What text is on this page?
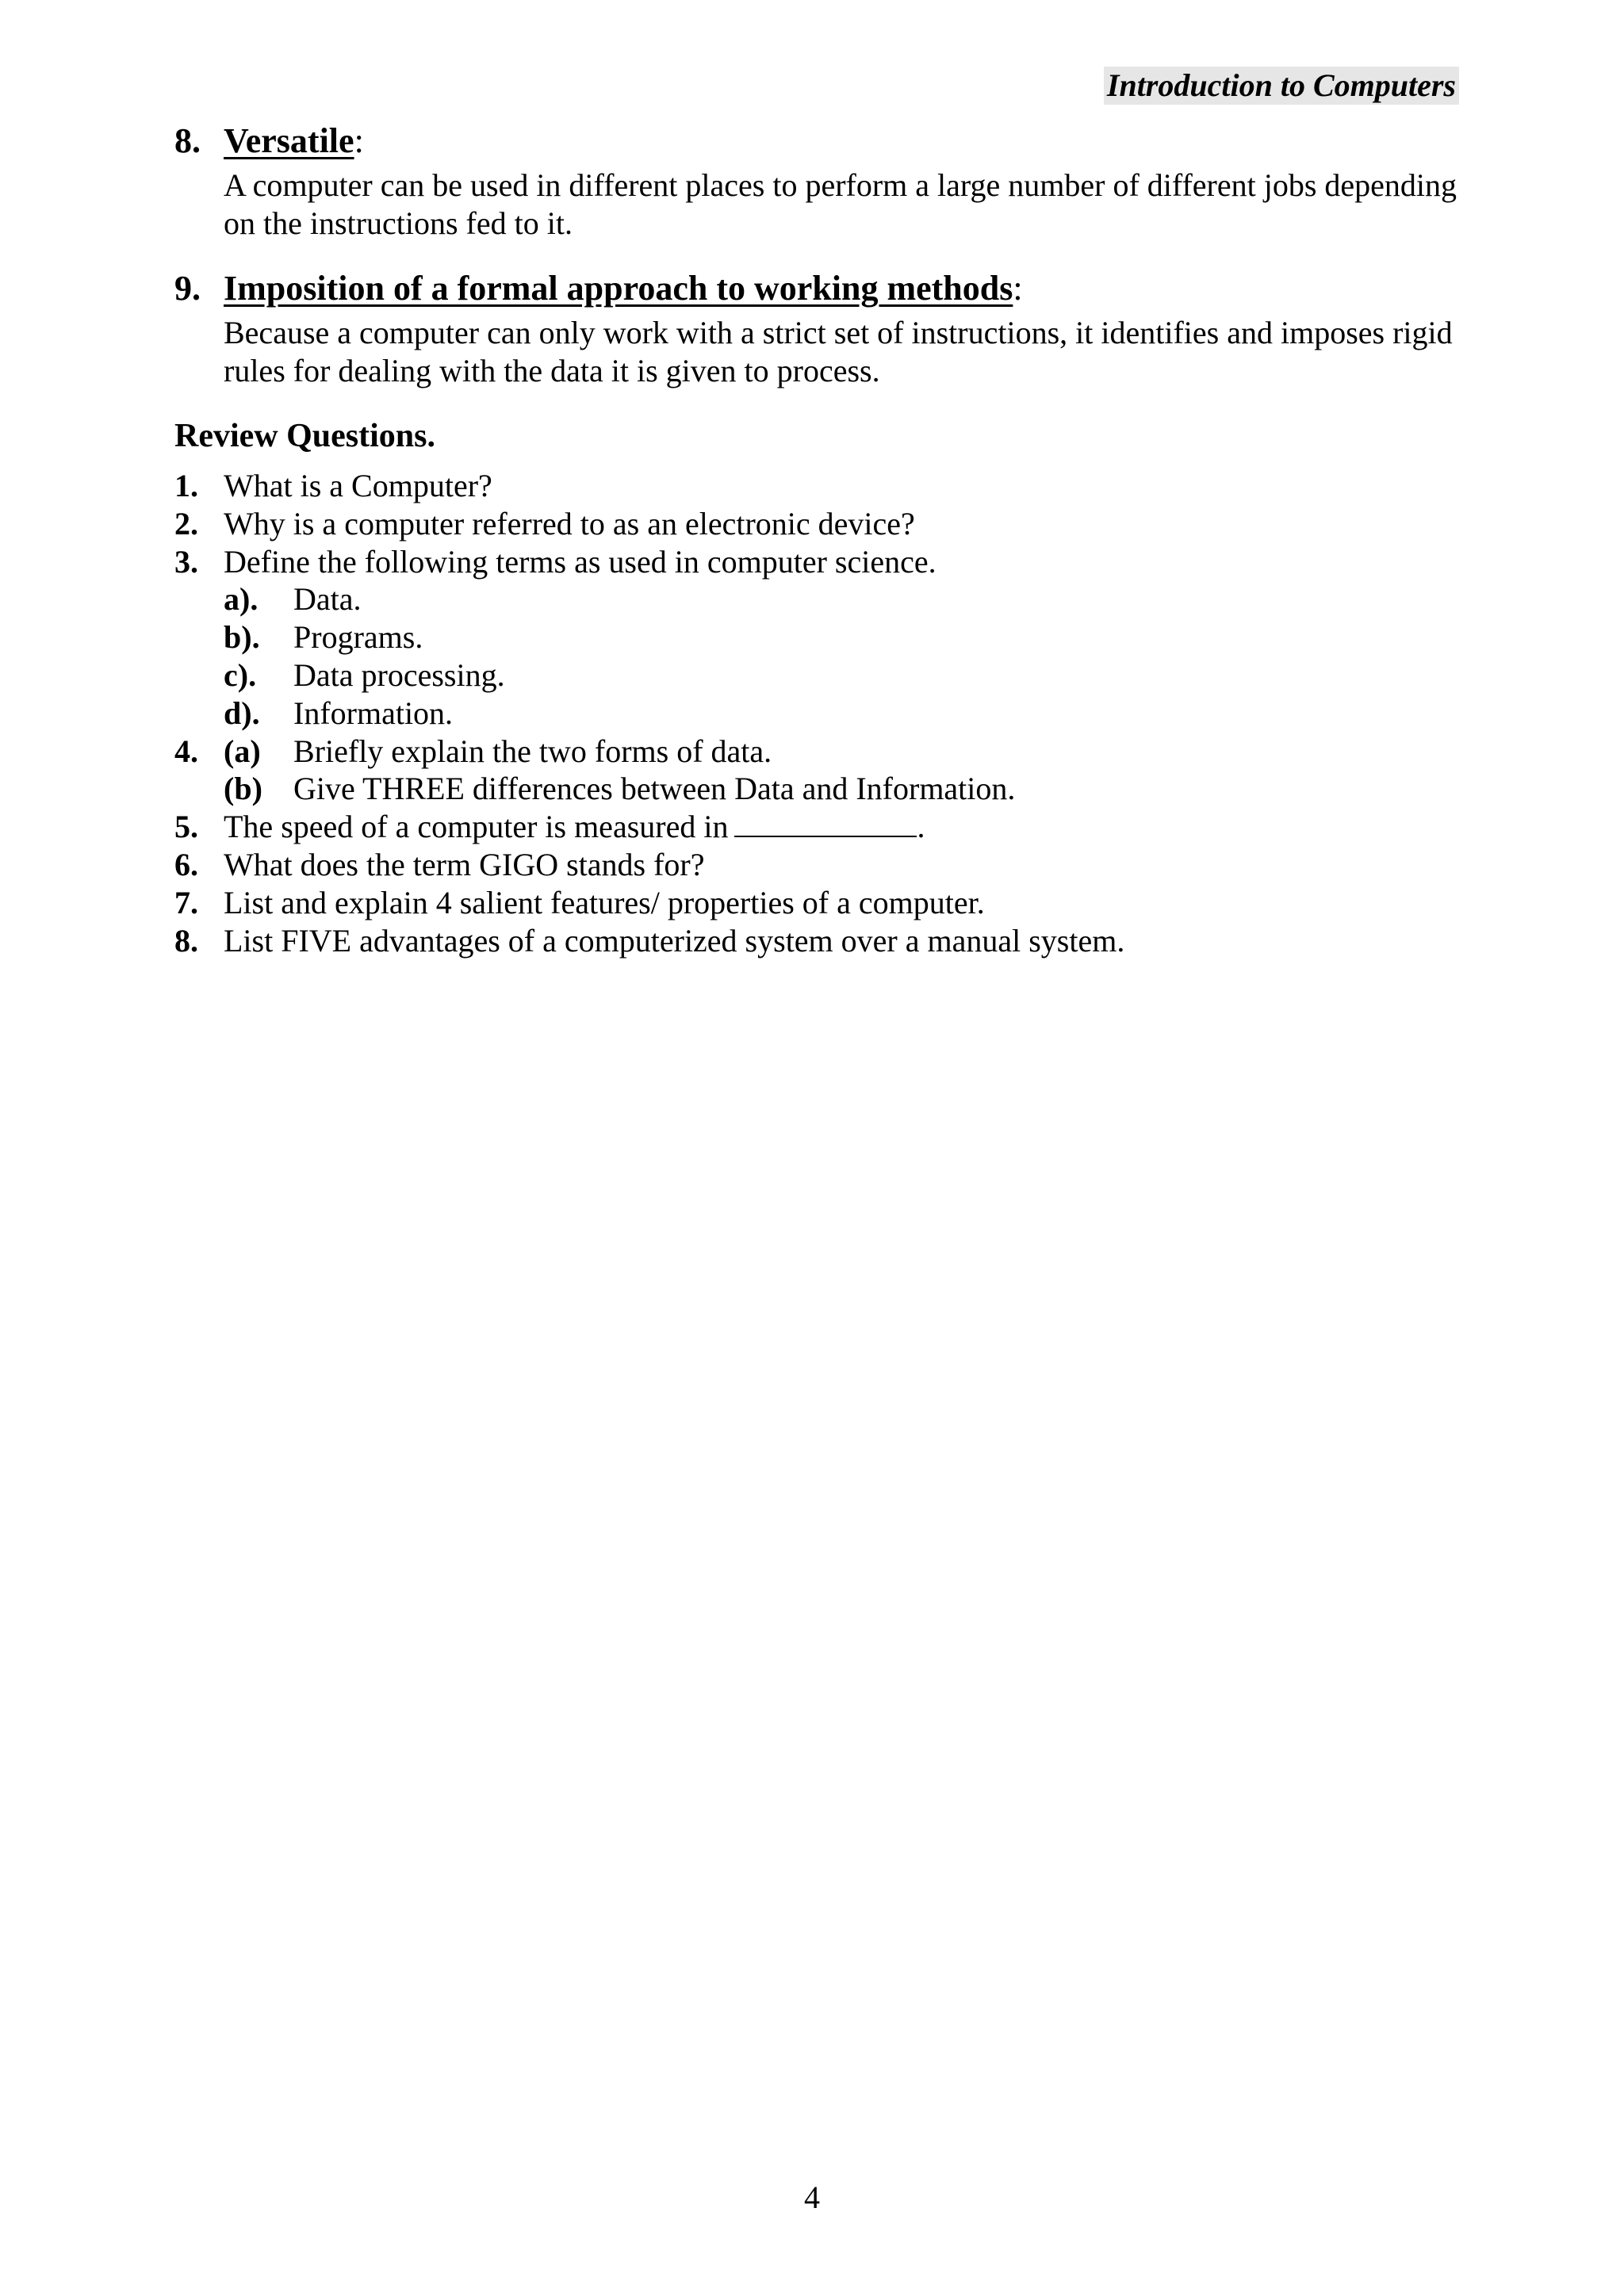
Introduction to Computers
8. Versatile:
A computer can be used in different places to perform a large number of different jobs depending on the instructions fed to it.
9. Imposition of a formal approach to working methods:
Because a computer can only work with a strict set of instructions, it identifies and imposes rigid rules for dealing with the data it is given to process.
Review Questions.
1. What is a Computer?
2. Why is a computer referred to as an electronic device?
3. Define the following terms as used in computer science.
a). Data.
b). Programs.
c). Data processing.
d). Information.
4. (a) Briefly explain the two forms of data.
(b) Give THREE differences between Data and Information.
5. The speed of a computer is measured in	.
6. What does the term GIGO stands for?
7. List and explain 4 salient features/ properties of a computer.
8. List FIVE advantages of a computerized system over a manual system.
4
